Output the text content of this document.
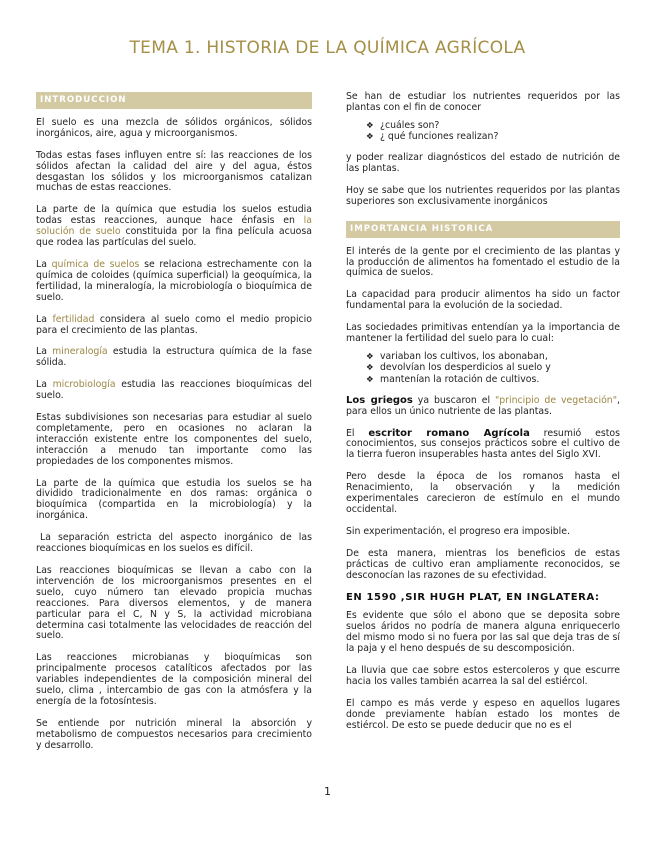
TEMA 1. HISTORIA DE LA QUÍMICA AGRÍCOLA
INTRODUCCION

El suelo es una mezcla de sólidos orgánicos, sólidos inorgánicos, aire, agua y microorganismos.

Todas estas fases influyen entre sí: las reacciones de los sólidos afectan la calidad del aire y del agua, éstos desgastan los sólidos y los microorganismos catalizan muchas de estas reacciones.

La parte de la química que estudia los suelos estudia todas estas reacciones, aunque hace énfasis en la solución de suelo constituida por la fina película acuosa que rodea las partículas del suelo.

La química de suelos se relaciona estrechamente con la química de coloides (química superficial) la geoquímica, la fertilidad, la mineralogía, la microbiología o bioquímica de suelo.

La fertilidad considera al suelo como el medio propicio para el crecimiento de las plantas.

La mineralogía estudia la estructura química de la fase sólida.

La microbiología estudia las reacciones bioquímicas del suelo.

Estas subdivisiones son necesarias para estudiar al suelo completamente, pero en ocasiones no aclaran la interacción existente entre los componentes del suelo, interacción a menudo tan importante como las propiedades de los componentes mismos.

La parte de la química que estudia los suelos se ha dividido tradicionalmente en dos ramas: orgánica o bioquímica (compartida en la microbiología) y la inorgánica.

La separación estricta del aspecto inorgánico de las reacciones bioquímicas en los suelos es difícil.

Las reacciones bioquímicas se llevan a cabo con la intervención de los microorganismos presentes en el suelo, cuyo número tan elevado propicia muchas reacciones. Para diversos elementos, y de manera particular para el C, N y S, la actividad microbiana determina casi totalmente las velocidades de reacción del suelo.

Las reacciones microbianas y bioquímicas son principalmente procesos catalíticos afectados por las variables independientes de la composición mineral del suelo, clima , intercambio de gas con la atmósfera y la energía de la fotosíntesis.

Se entiende por nutrición mineral la absorción y metabolismo de compuestos necesarios para crecimiento y desarrollo.

Se han de estudiar los nutrientes requeridos por las plantas con el fin de conocer

❖ ¿cuáles son?
❖ ¿ qué funciones realizan?

y poder realizar diagnósticos del estado de nutrición de las plantas.

Hoy se sabe que los nutrientes requeridos por las plantas superiores son exclusivamente inorgánicos

IMPORTANCIA HISTORICA

El interés de la gente por el crecimiento de las plantas y la producción de alimentos ha fomentado el estudio de la química de suelos.

La capacidad para producir alimentos ha sido un factor fundamental para la evolución de la sociedad.

Las sociedades primitivas entendían ya la importancia de mantener la fertilidad del suelo para lo cual:

❖ variaban los cultivos, los abonaban,
❖ devolvían los desperdicios al suelo y
❖ mantenían la rotación de cultivos.

Los griegos ya buscaron el "principio de vegetación", para ellos un único nutriente de las plantas.

El escritor romano Agrícola resumió estos conocimientos, sus consejos prácticos sobre el cultivo de la tierra fueron insuperables hasta antes del Siglo XVI.

Pero desde la época de los romanos hasta el Renacimiento, la observación y la medición experimentales carecieron de estímulo en el mundo occidental.

Sin experimentación, el progreso era imposible.

De esta manera, mientras los beneficios de estas prácticas de cultivo eran ampliamente reconocidos, se desconocían las razones de su efectividad.

EN 1590 ,SIR HUGH PLAT, EN INGLATERA:

Es evidente que sólo el abono que se deposita sobre suelos áridos no podría de manera alguna enriquecerlo del mismo modo si no fuera por las sal que deja tras de sí la paja y el heno después de su descomposición.

La lluvia que cae sobre estos estercoleros y que escurre hacia los valles también acarrea la sal del estiércol.

El campo es más verde y espeso en aquellos lugares donde previamente habían estado los montes de estiércol. De esto se puede deducir que no es el

1
